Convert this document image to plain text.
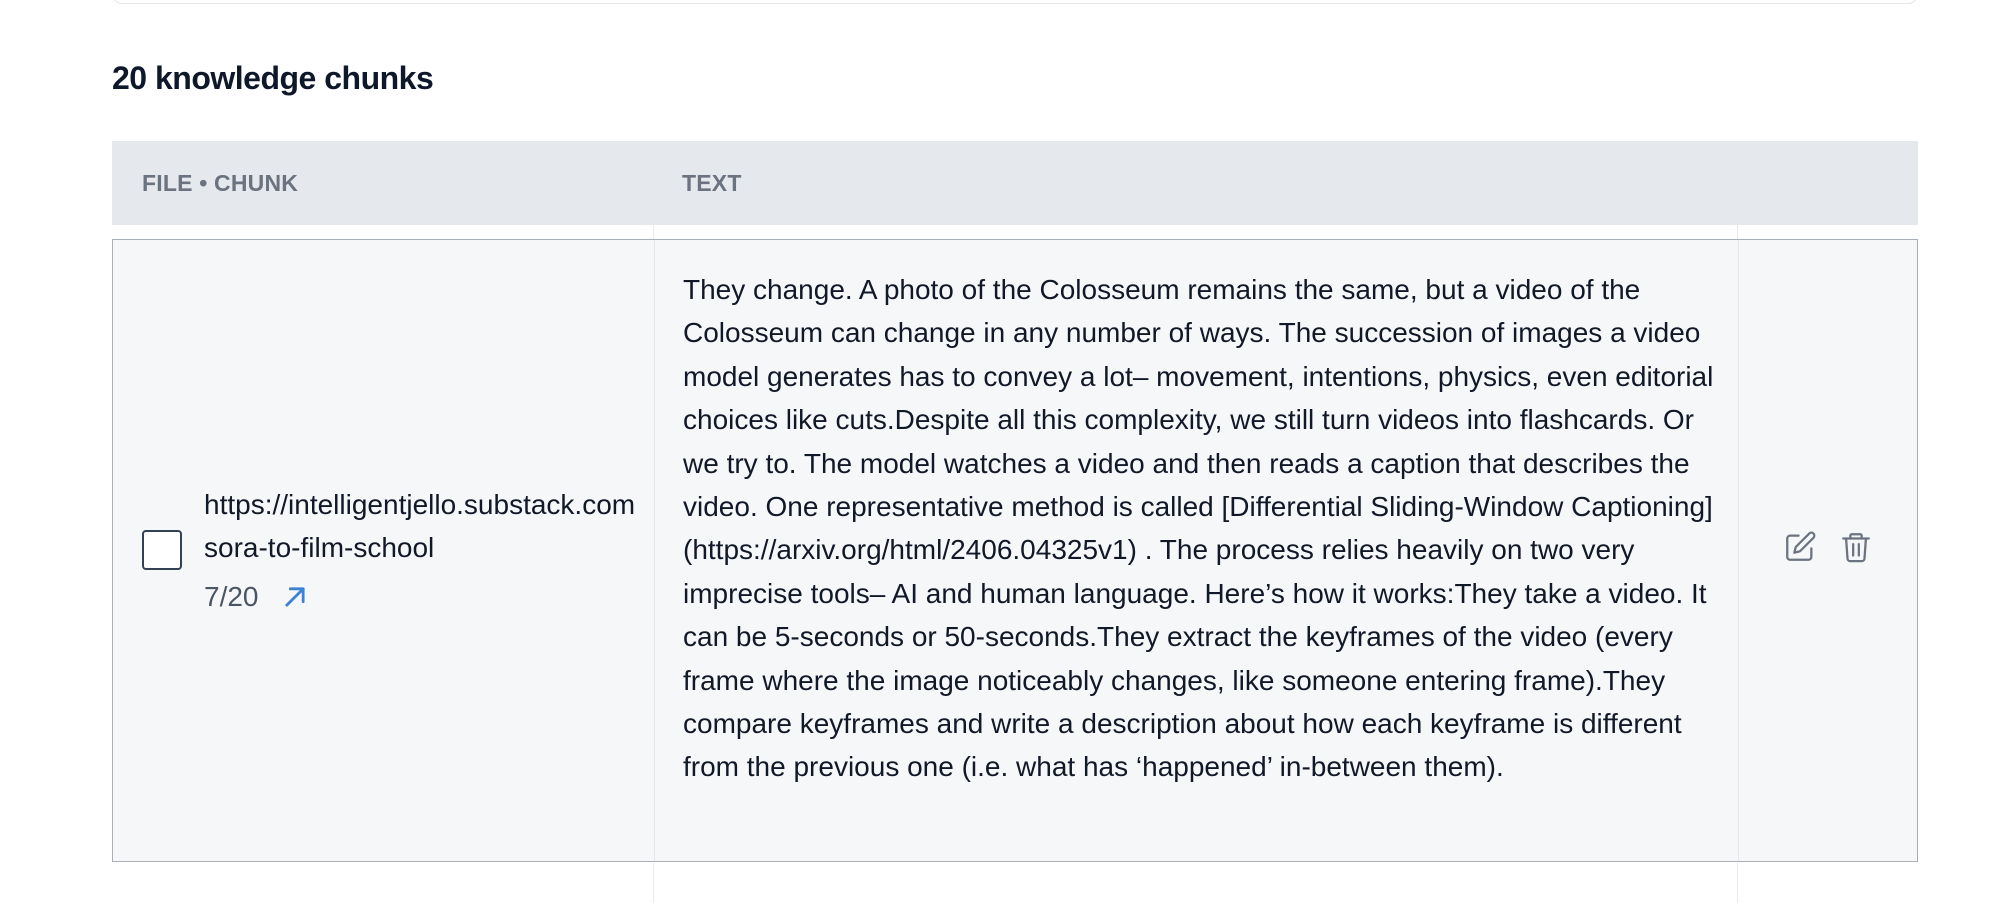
20 knowledge chunks
FILE • CHUNK	TEXT
https://intelligentjello.substack.com
sora-to-film-school
7/20
They change. A photo of the Colosseum remains the same, but a video of the Colosseum can change in any number of ways. The succession of images a video model generates has to convey a lot– movement, intentions, physics, even editorial choices like cuts.Despite all this complexity, we still turn videos into flashcards. Or we try to. The model watches a video and then reads a caption that describes the video. One representative method is called [Differential Sliding-Window Captioning](https://arxiv.org/html/2406.04325v1) . The process relies heavily on two very imprecise tools– AI and human language. Here’s how it works:They take a video. It can be 5-seconds or 50-seconds.They extract the keyframes of the video (every frame where the image noticeably changes, like someone entering frame).They compare keyframes and write a description about how each keyframe is different from the previous one (i.e. what has ‘happened’ in-between them).
